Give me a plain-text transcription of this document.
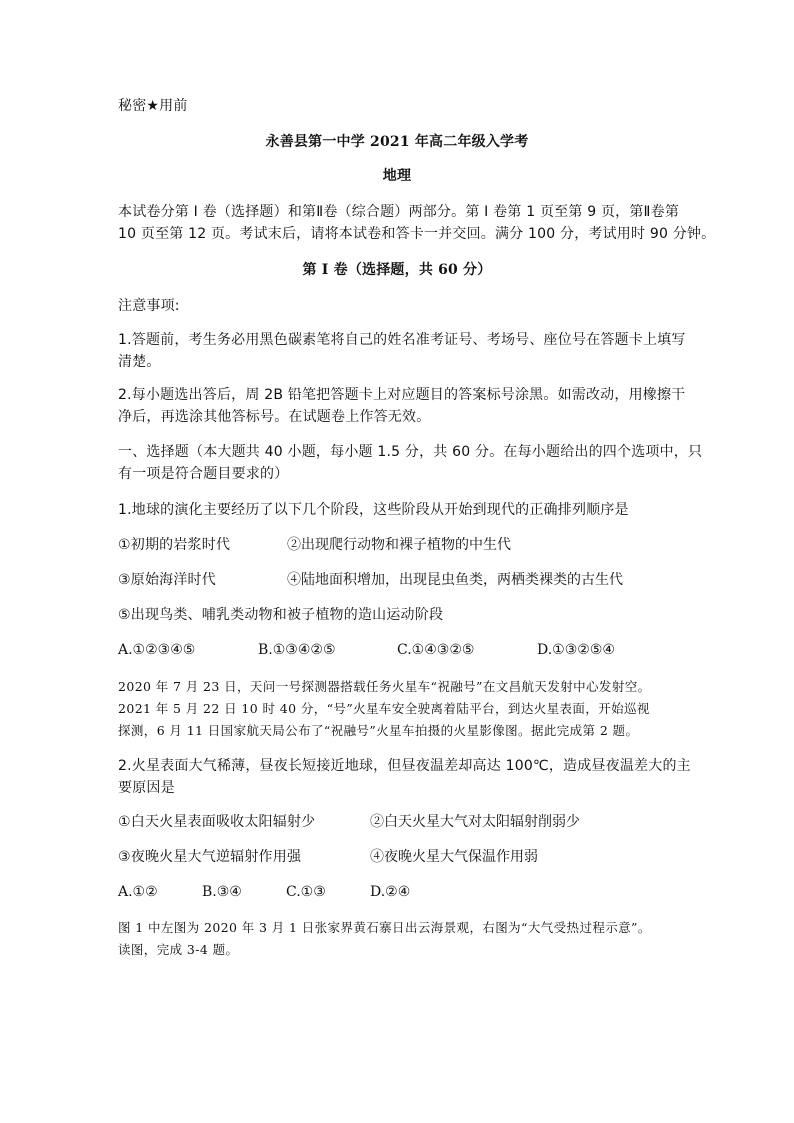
秘密★用前
永善县第一中学 2021 年高二年级入学考
地理
本试卷分第 I 卷（选择题）和第Ⅱ卷（综合题）两部分。第 I 卷第 1 页至第 9 页，第Ⅱ卷第
10 页至第 12 页。考试末后，请将本试卷和答卡一并交回。满分 100 分，考试用时 90 分钟。
第 I 卷（选择题，共 60 分）
注意事项:
1.答题前，考生务必用黑色碳素笔将自己的姓名准考证号、考场号、座位号在答题卡上填写
清楚。
2.每小题选出答后，周 2B 铅笔把答题卡上对应题目的答案标号涂黑。如需改动，用橡擦干
净后，再选涂其他答标号。在试题卷上作答无效。
一、选择题（本大题共 40 小题，每小题 1.5 分，共 60 分。在每小题给出的四个选项中，只
有一项是符合题目要求的）
1.地球的演化主要经历了以下几个阶段，这些阶段从开始到现代的正确排列顺序是
①初期的岩浆时代	②出现爬行动物和裸子植物的中生代
③原始海洋时代	④陆地面积增加，出现昆虫鱼类，两栖类裸类的古生代
⑤出现鸟类、哺乳类动物和被子植物的造山运动阶段
A.①②③④⑤	B.①③④②⑤	C.①④③②⑤	D.①③②⑤④
2020 年 7 月 23 日，天问一号探测器搭载任务火星车“祝融号”在文昌航天发射中心发射空。
2021 年 5 月 22 日 10 时 40 分，“号”火星车安全驶离着陆平台，到达火星表面，开始巡视
探测，6 月 11 日国家航天局公布了“祝融号”火星车拍摄的火星影像图。据此完成第 2 题。
2.火星表面大气稀薄，昼夜长短接近地球，但昼夜温差却高达 100℃，造成昼夜温差大的主
要原因是
①白天火星表面吸收太阳辐射少	②白天火星大气对太阳辐射削弱少
③夜晚火星大气逆辐射作用强	④夜晚火星大气保温作用弱
A.①②	B.③④	C.①③	D.②④
图 1 中左图为 2020 年 3 月 1 日张家界黄石寨日出云海景观，右图为“大气受热过程示意”。
读图，完成 3-4 题。
